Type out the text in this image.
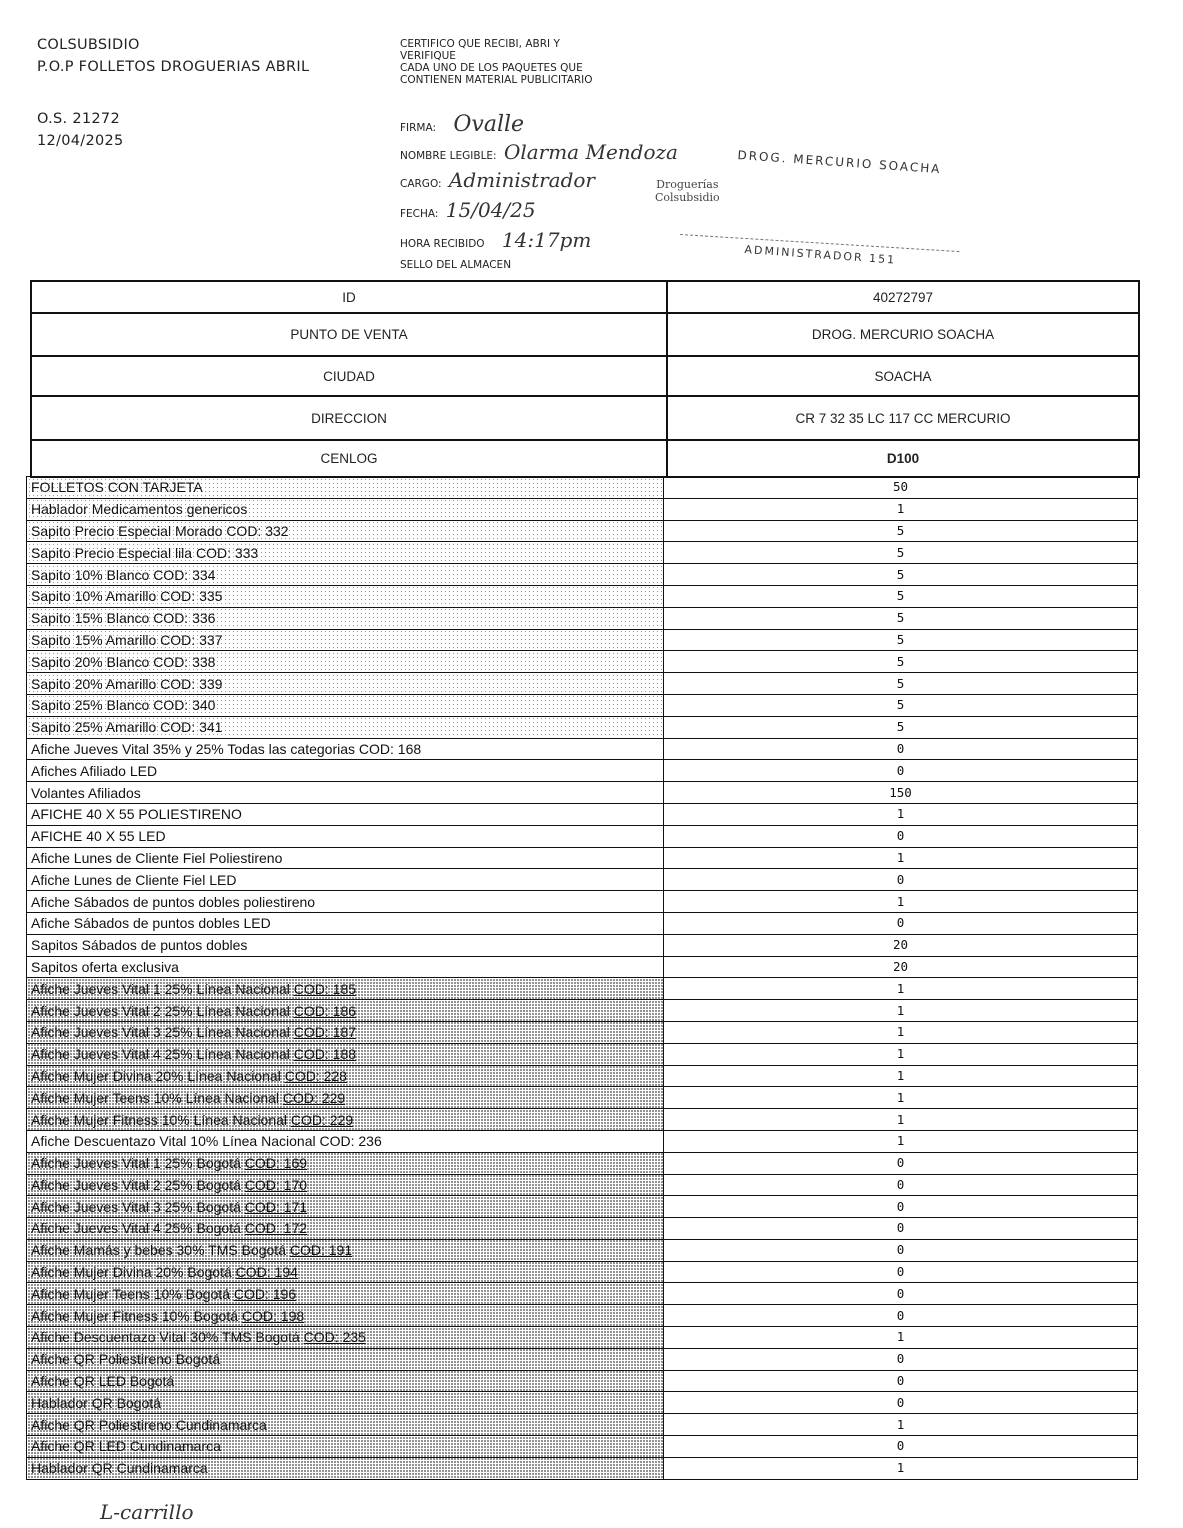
COLSUBSIDIO
P.O.P FOLLETOS DROGUERIAS ABRIL
O.S. 21272
12/04/2025
CERTIFICO QUE RECIBI, ABRI Y
VERIFIQUE
CADA UNO DE LOS PAQUETES QUE
CONTIENEN MATERIAL PUBLICITARIO
FIRMA: Ovalle
NOMBRE LEGIBLE: Olarma Mendoza
CARGO: Administrador
FECHA: 15/04/25
HORA RECIBIDO 14:17pm
SELLO DEL ALMACEN
DROG. MERCURIO SOACHA
Droguerías
Colsubsidio
ADMINISTRADOR 151
ID	40272797
PUNTO DE VENTA	DROG. MERCURIO SOACHA
CIUDAD	SOACHA
DIRECCION	CR 7 32 35 LC 117 CC MERCURIO
CENLOG	D100
FOLLETOS CON TARJETA	50
Hablador Medicamentos genericos	1
Sapito Precio Especial Morado COD: 332	5
Sapito Precio Especial lila COD: 333	5
Sapito 10% Blanco COD: 334	5
Sapito 10% Amarillo COD: 335	5
Sapito 15% Blanco COD: 336	5
Sapito 15% Amarillo COD: 337	5
Sapito 20% Blanco COD: 338	5
Sapito 20% Amarillo COD: 339	5
Sapito 25% Blanco COD: 340	5
Sapito 25% Amarillo COD: 341	5
Afiche Jueves Vital 35% y 25% Todas las categorias COD: 168	0
Afiches Afiliado LED	0
Volantes Afiliados	150
AFICHE 40 X 55 POLIESTIRENO	1
AFICHE 40 X 55 LED	0
Afiche Lunes de Cliente Fiel Poliestireno	1
Afiche Lunes de Cliente Fiel LED	0
Afiche Sábados de puntos dobles poliestireno	1
Afiche Sábados de puntos dobles LED	0
Sapitos Sábados de puntos dobles	20
Sapitos oferta exclusiva	20
Afiche Jueves Vital 1 25% Línea Nacional COD: 185	1
Afiche Jueves Vital 2 25% Línea Nacional COD: 186	1
Afiche Jueves Vital 3 25% Línea Nacional COD: 187	1
Afiche Jueves Vital 4 25% Línea Nacional COD: 188	1
Afiche Mujer Divina 20% Línea Nacional COD: 228	1
Afiche Mujer Teens 10% Línea Nacional COD: 229	1
Afiche Mujer Fitness 10% Línea Nacional COD: 229	1
Afiche Descuentazo Vital 10% Línea Nacional COD: 236	1
Afiche Jueves Vital 1 25% Bogotá COD: 169	0
Afiche Jueves Vital 2 25% Bogotá COD: 170	0
Afiche Jueves Vital 3 25% Bogotá COD: 171	0
Afiche Jueves Vital 4 25% Bogotá COD: 172	0
Afiche Mamás y bebes 30% TMS Bogotá COD: 191	0
Afiche Mujer Divina 20% Bogotá COD: 194	0
Afiche Mujer Teens 10% Bogotá COD: 196	0
Afiche Mujer Fitness 10% Bogotá COD: 198	0
Afiche Descuentazo Vital 30% TMS Bogotá COD: 235	1
Afiche QR Poliestireno Bogotá	0
Afiche QR LED Bogotá	0
Hablador QR Bogotá	0
Afiche QR Poliestireno Cundinamarca	1
Afiche QR LED Cundinamarca	0
Hablador QR Cundinamarca	1
L-carrillo
